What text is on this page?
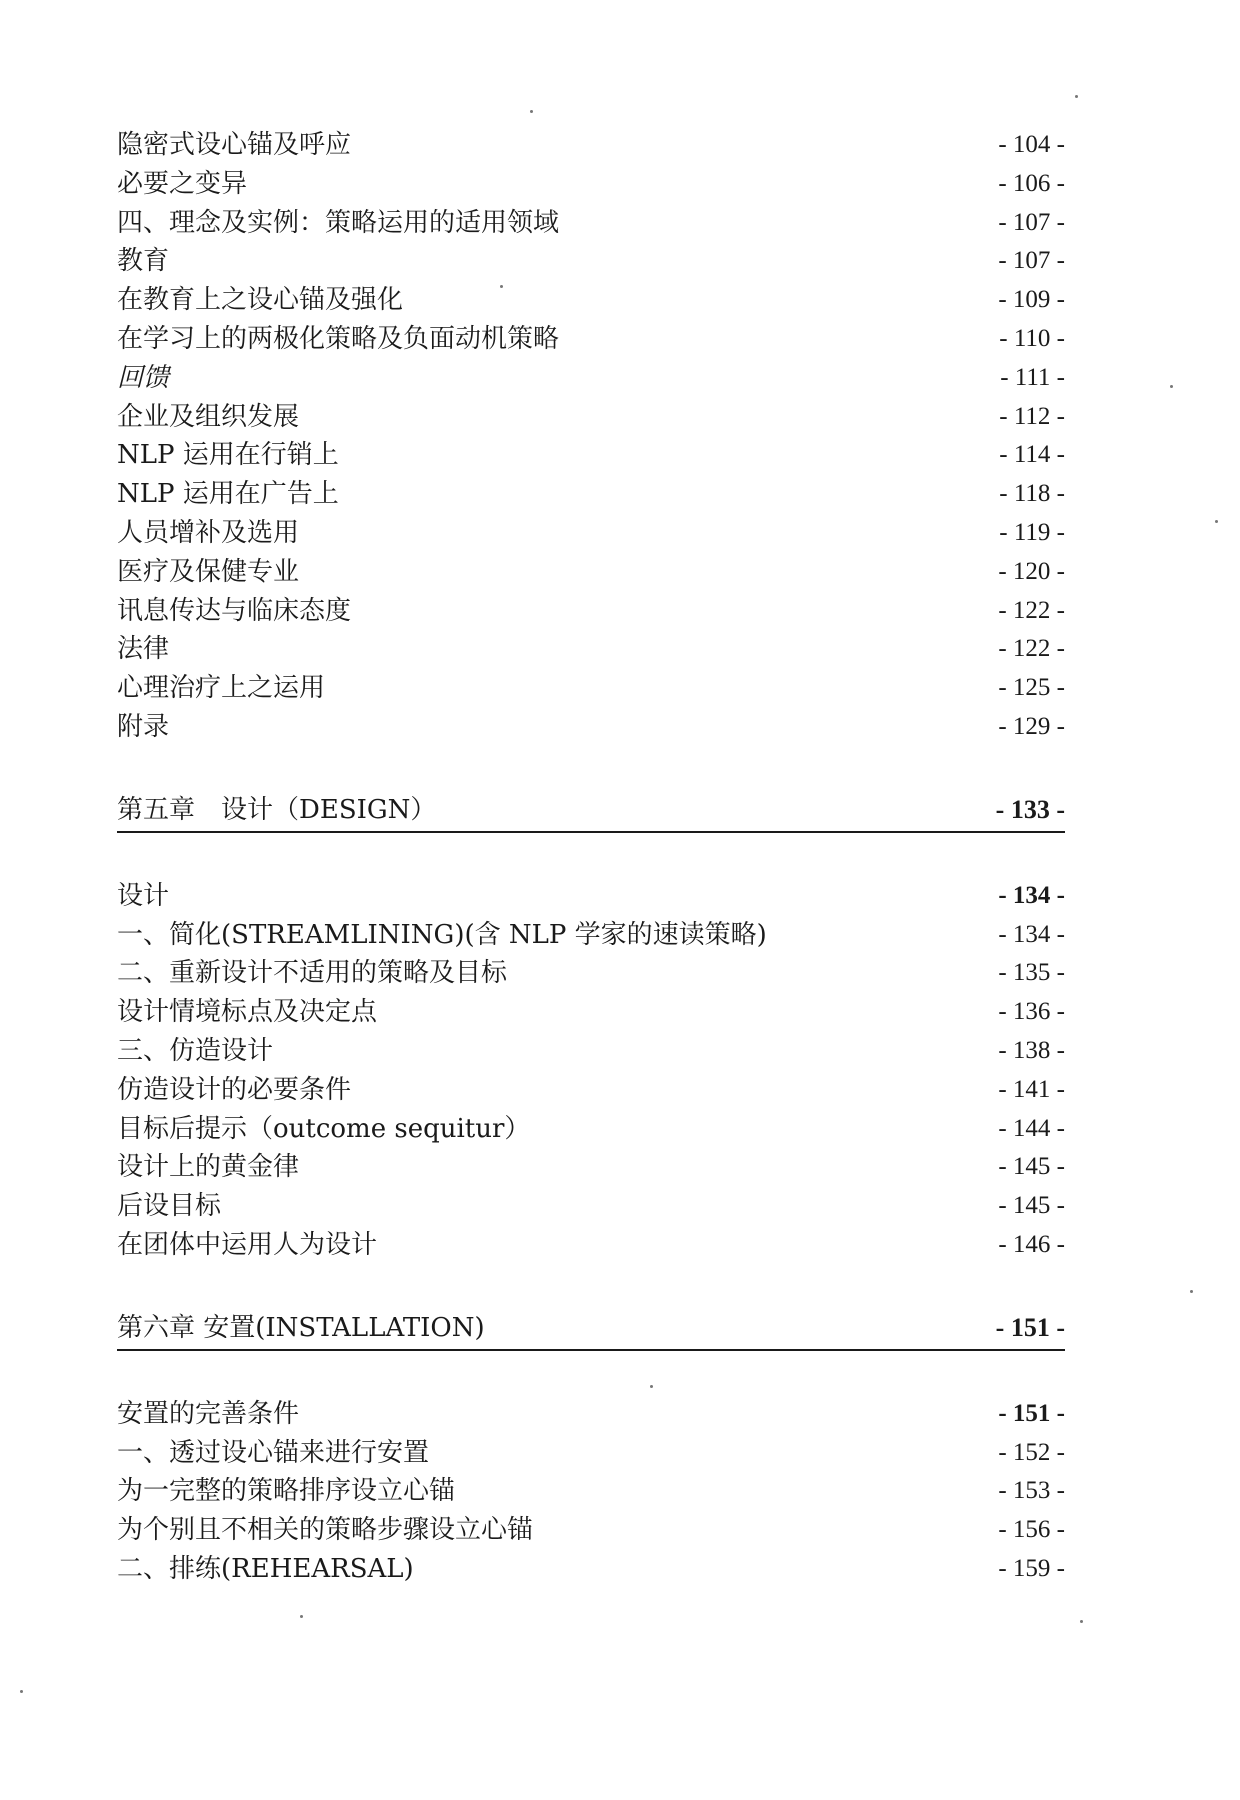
隐密式设心锚及呼应	- 104 -
必要之变异	- 106 -
四、理念及实例：策略运用的适用领域	- 107 -
教育	- 107 -
在教育上之设心锚及强化	- 109 -
在学习上的两极化策略及负面动机策略	- 110 -
回馈	- 111 -
企业及组织发展	- 112 -
NLP 运用在行销上	- 114 -
NLP 运用在广告上	- 118 -
人员增补及选用	- 119 -
医疗及保健专业	- 120 -
讯息传达与临床态度	- 122 -
法律	- 122 -
心理治疗上之运用	- 125 -
附录	- 129 -
第五章　设计（DESIGN）	- 133 -
设计	- 134 -
一、简化(STREAMLINING)(含 NLP 学家的速读策略)	- 134 -
二、重新设计不适用的策略及目标	- 135 -
设计情境标点及决定点	- 136 -
三、仿造设计	- 138 -
仿造设计的必要条件	- 141 -
目标后提示（outcome sequitur）	- 144 -
设计上的黄金律	- 145 -
后设目标	- 145 -
在团体中运用人为设计	- 146 -
第六章 安置(INSTALLATION)	- 151 -
安置的完善条件	- 151 -
一、透过设心锚来进行安置	- 152 -
为一完整的策略排序设立心锚	- 153 -
为个别且不相关的策略步骤设立心锚	- 156 -
二、排练(REHEARSAL)	- 159 -
